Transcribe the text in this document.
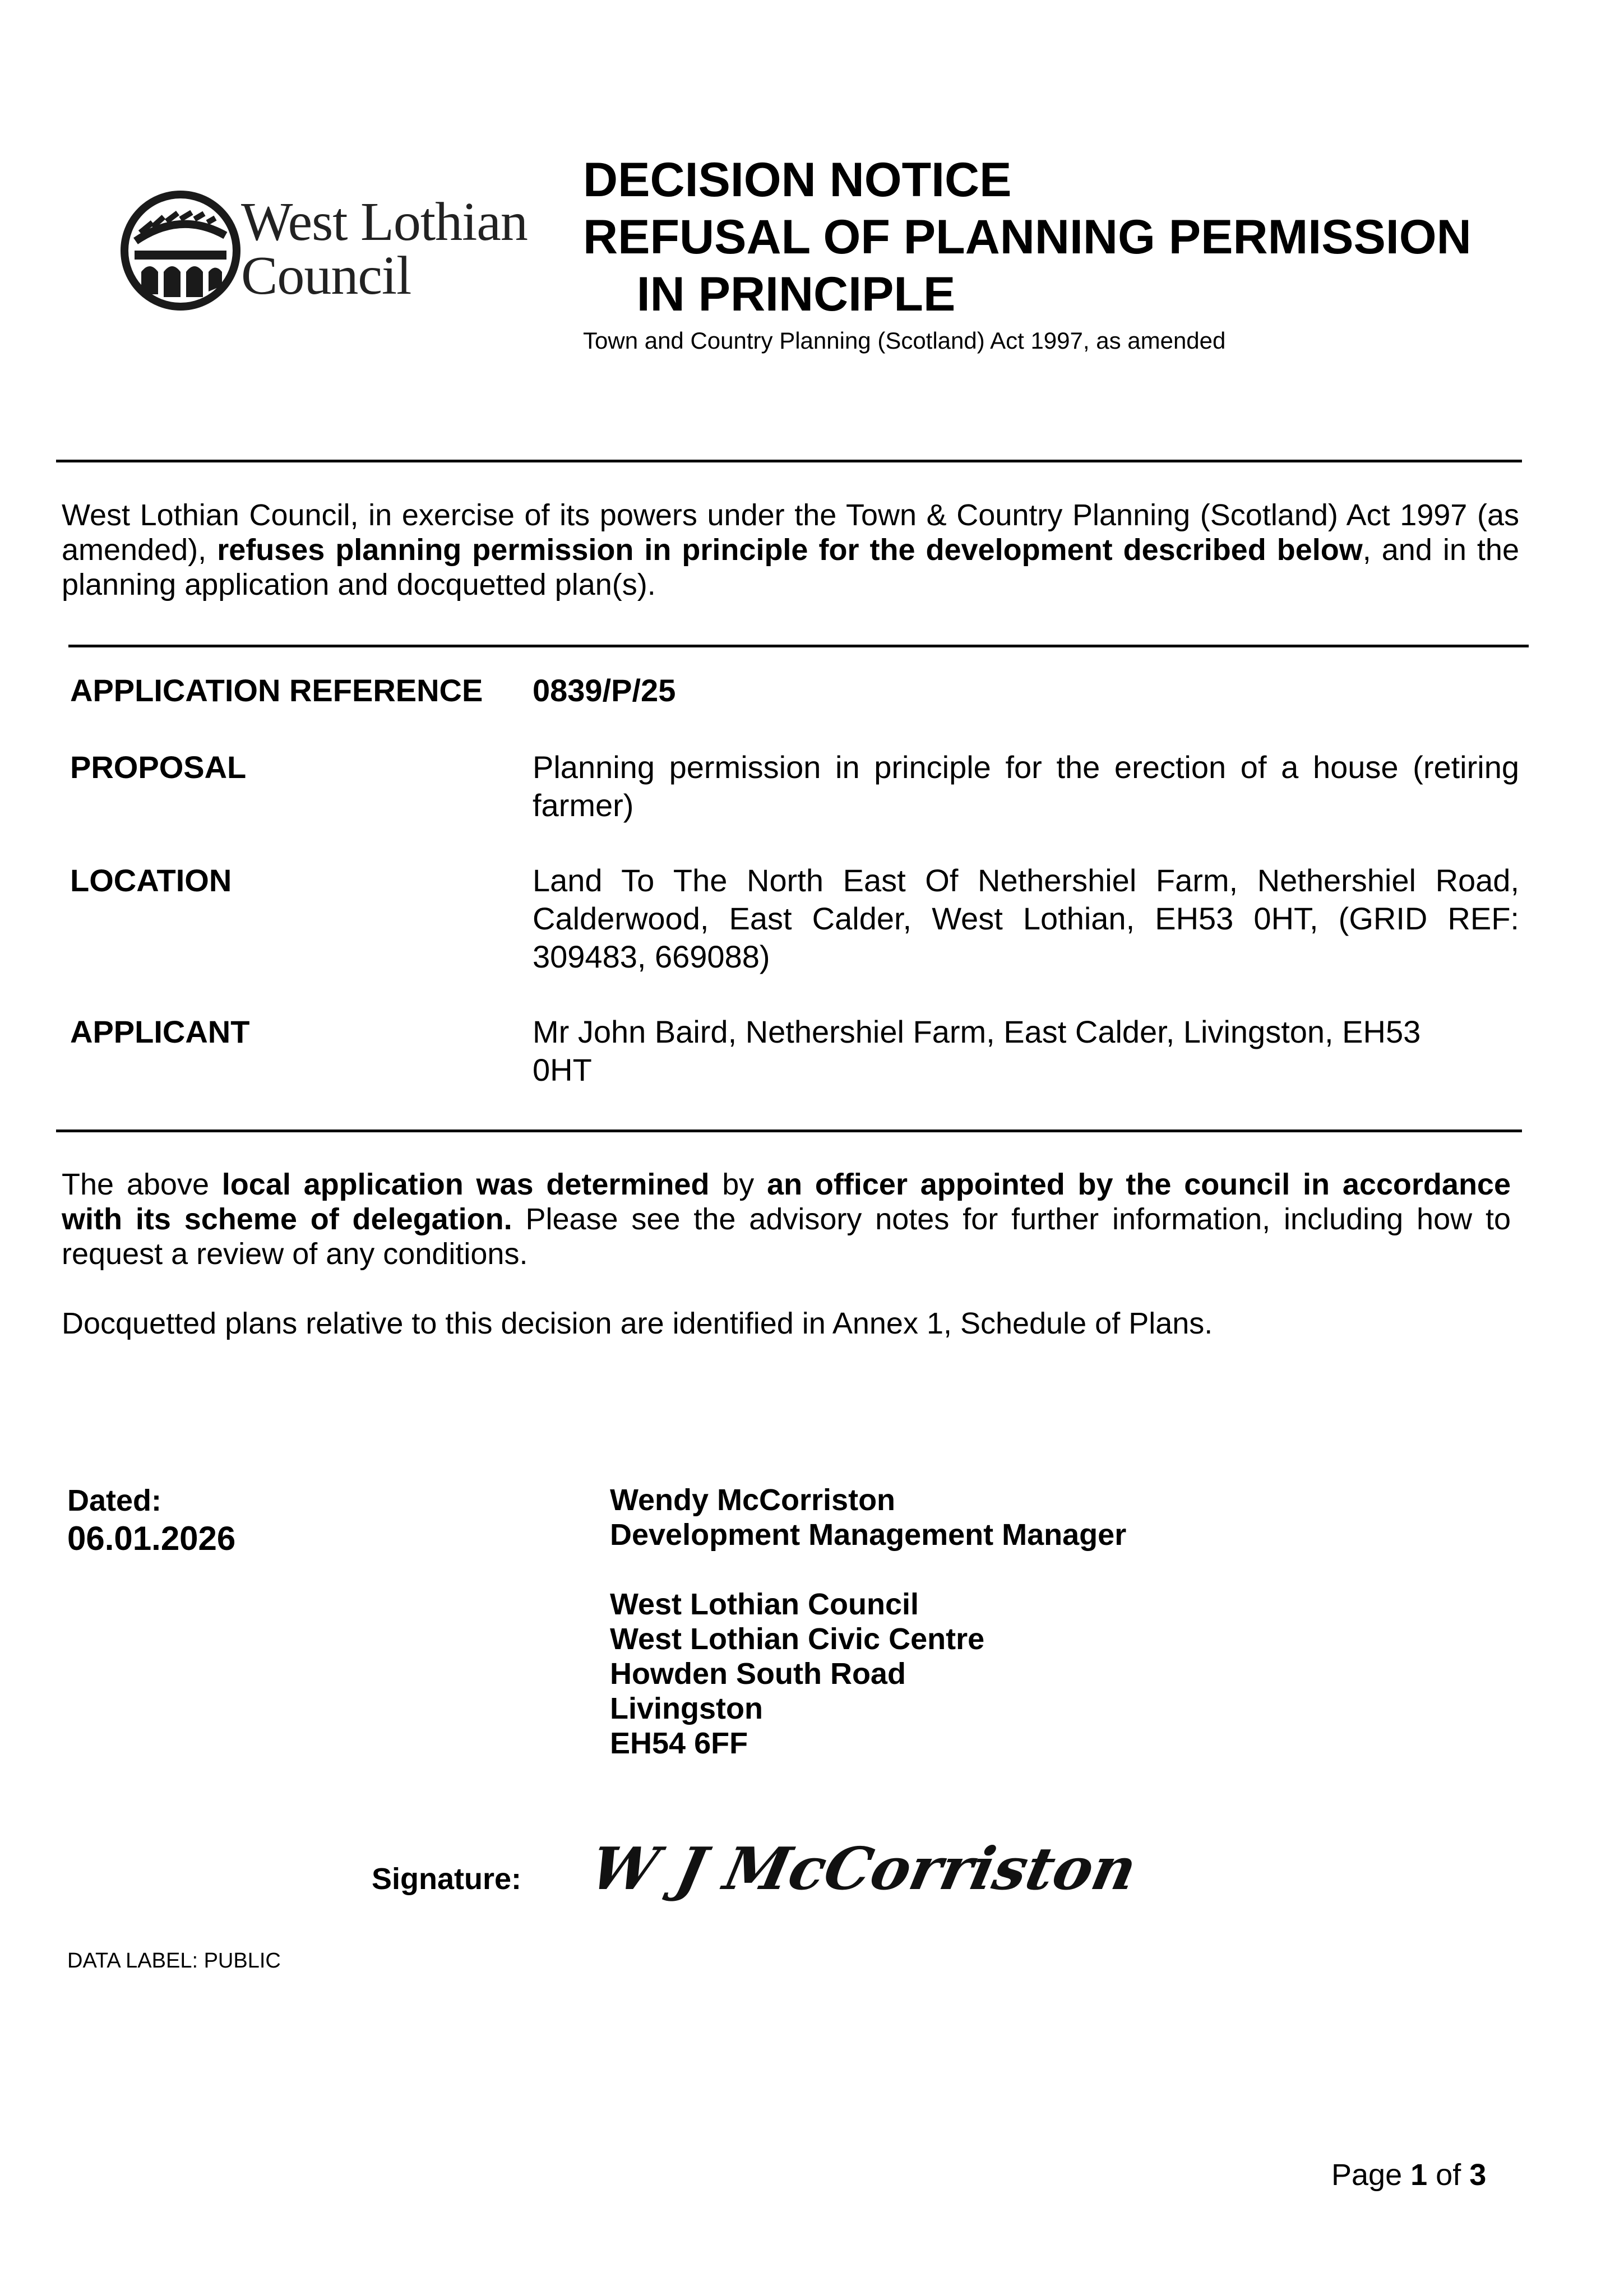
West Lothian
Council
DECISION NOTICE
REFUSAL OF PLANNING PERMISSION
IN PRINCIPLE
Town and Country Planning (Scotland) Act 1997, as amended
West Lothian Council, in exercise of its powers under the Town & Country Planning (Scotland) Act 1997 (as amended), refuses planning permission in principle for the development described below, and in the planning application and docquetted plan(s).
APPLICATION REFERENCE 0839/P/25
PROPOSAL	Planning permission in principle for the erection of a house (retiring farmer)
LOCATION	Land To The North East Of Nethershiel Farm, Nethershiel Road, Calderwood, East Calder, West Lothian, EH53 0HT, (GRID REF: 309483, 669088)
APPLICANT	Mr John Baird, Nethershiel Farm, East Calder, Livingston, EH53 0HT
The above local application was determined by an officer appointed by the council in accordance with its scheme of delegation. Please see the advisory notes for further information, including how to request a review of any conditions.
Docquetted plans relative to this decision are identified in Annex 1, Schedule of Plans.
Dated:
06.01.2026
Wendy McCorriston
Development Management Manager
West Lothian Council
West Lothian Civic Centre
Howden South Road
Livingston
EH54 6FF
Signature: W J McCorriston
DATA LABEL: PUBLIC
Page 1 of 3
